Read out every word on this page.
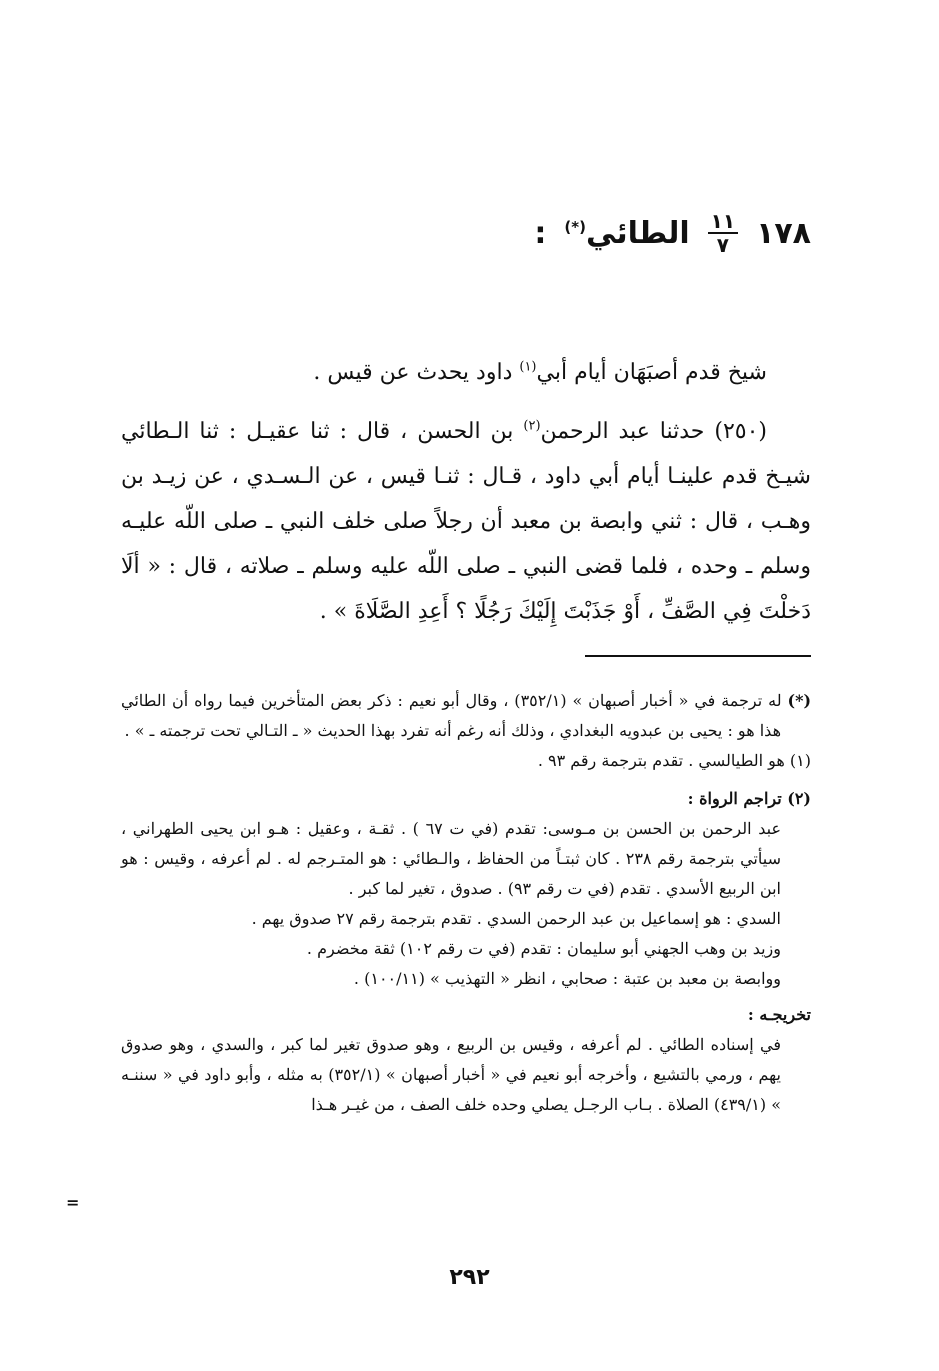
١٧٨
$\frac{١١}{٧}$
الطائي(*)
:

شيخ قدم أصبَهَان أيام أبي$^{(١)}$ داود يحدث عن قيس .

(٢٥٠) حدثنا عبد الرحمن$^{(٢)}$ بن الحسن ، قال : ثنا عقيـل : ثنا الـطائي شيـخ قدم علينـا أيام أبي داود ، قـال : ثنـا قيس ، عن الـسـدي ، عن زيـد بن وهـب ، قال : ثني وابصة بن معبد أن رجلاً صلى خلف النبي ـ صلى اللّه عليـه وسلم ـ وحده ، فلما قضى النبي ـ صلى اللّه عليه وسلم ـ صلاته ، قال : « ألَا دَخلْتَ فِي الصَّفِّ ، أَوْ جَذَبْتَ إِلَيْكَ رَجُلًا ؟ أَعِدِ الصَّلَاةَ » .

(*) له ترجمة في « أخبار أصبهان » (٣٥٢/١) ، وقال أبو نعيم : ذكر بعض المتأخرين فيما رواه أن الطائي هذا هو : يحيى بن عبدويه البغدادي ، وذلك أنه رغم أنه تفرد بهذا الحديث « ـ التـالي تحت ترجمته ـ » .

(١) هو الطيالسي . تقدم بترجمة رقم ٩٣ .

(٢) تراجم الرواة :

عبد الرحمن بن الحسن بن مـوسى: تقدم (في ت ٦٧ ) . ثقـة ، وعقيل : هـو ابن يحيى الطهراني ، سيأتي بترجمة رقم ٢٣٨ . كان ثبتـاً من الحفاظ ، والـطائي : هو المتـرجم له . لم أعرفه ، وقيس : هو ابن الربيع الأسدي . تقدم (في ت رقم ٩٣) . صدوق ، تغير لما كبر .

السدي : هو إسماعيل بن عبد الرحمن السدي . تقدم بترجمة رقم ٢٧ صدوق يهم .

وزيد بن وهب الجهني أبو سليمان : تقدم (في ت رقم ١٠٢) ثقة مخضرم .

ووابصة بن معبد بن عتبة : صحابي ، انظر « التهذيب » (١٠٠/١١) .

تخريجـه :

في إسناده الطائي . لم أعرفه ، وقيس بن الربيع ، وهو صدوق تغير لما كبر ، والسدي ، وهو صدوق يهم ، ورمي بالتشيع ، وأخرجه أبو نعيم في « أخبار أصبهان » (٣٥٢/١) به مثله ، وأبو داود في « سننـه » (٤٣٩/١) الصلاة . بـاب الرجـل يصلي وحده خلف الصف ، من غيـر هـذا

=
٢٩٢
